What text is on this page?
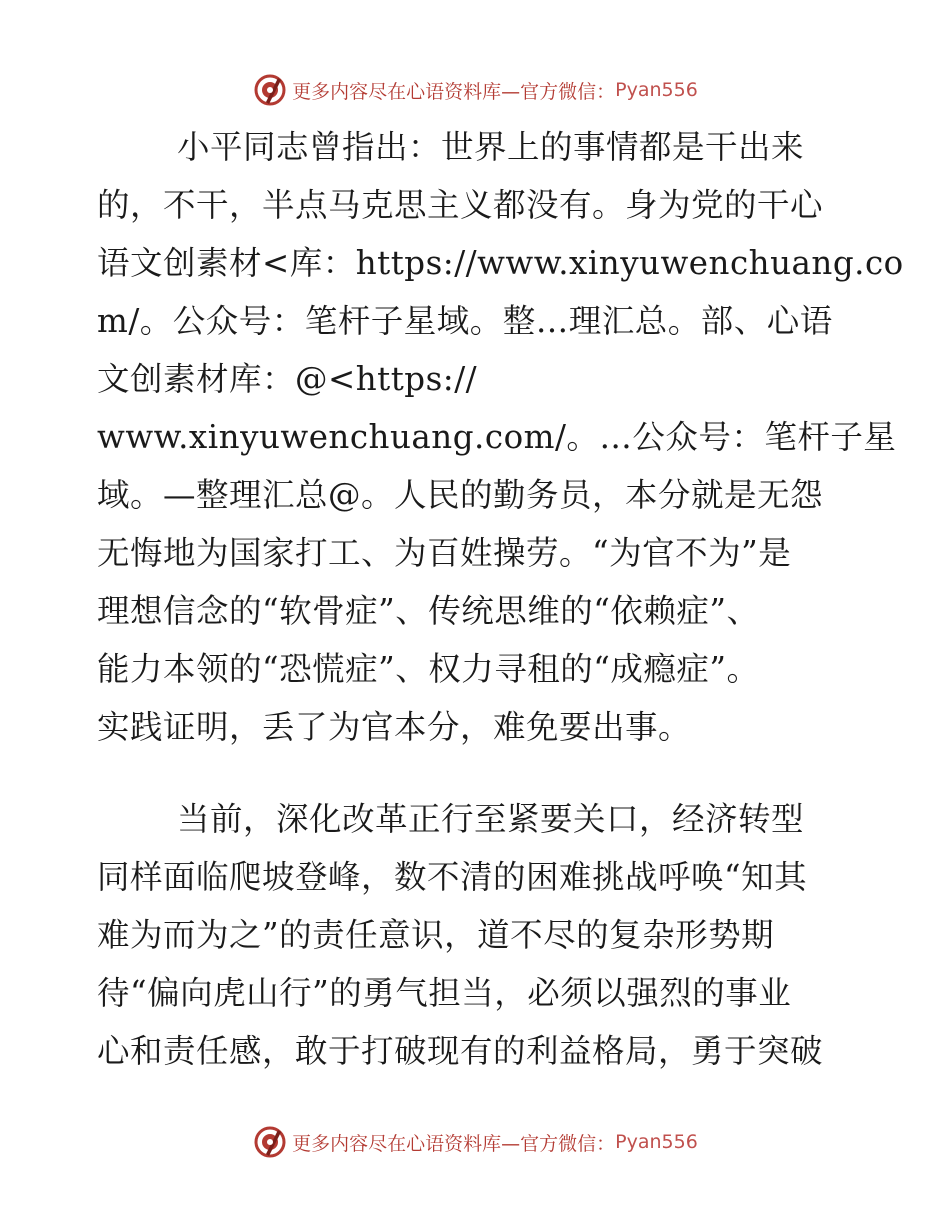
更多内容尽在心语资料库—官方微信： Pyan556
小平同志曾指出：世界上的事情都是干出来
的，不干，半点马克思主义都没有。身为党的干心
语文创素材<库：https://www.xinyuwenchuang.co
m/。公众号：笔杆子星域。整…理汇总。部、心语
文创素材库：@<https://
www.xinyuwenchuang.com/。…公众号：笔杆子星
域。—整理汇总@。人民的勤务员，本分就是无怨
无悔地为国家打工、为百姓操劳。“为官不为”是
理想信念的“软骨症”、传统思维的“依赖症”、
能力本领的“恐慌症”、权力寻租的“成瘾症”。
实践证明，丢了为官本分，难免要出事。
当前，深化改革正行至紧要关口，经济转型
同样面临爬坡登峰，数不清的困难挑战呼唤“知其
难为而为之”的责任意识，道不尽的复杂形势期
待“偏向虎山行”的勇气担当，必须以强烈的事业
心和责任感，敢于打破现有的利益格局，勇于突破
更多内容尽在心语资料库—官方微信： Pyan556
